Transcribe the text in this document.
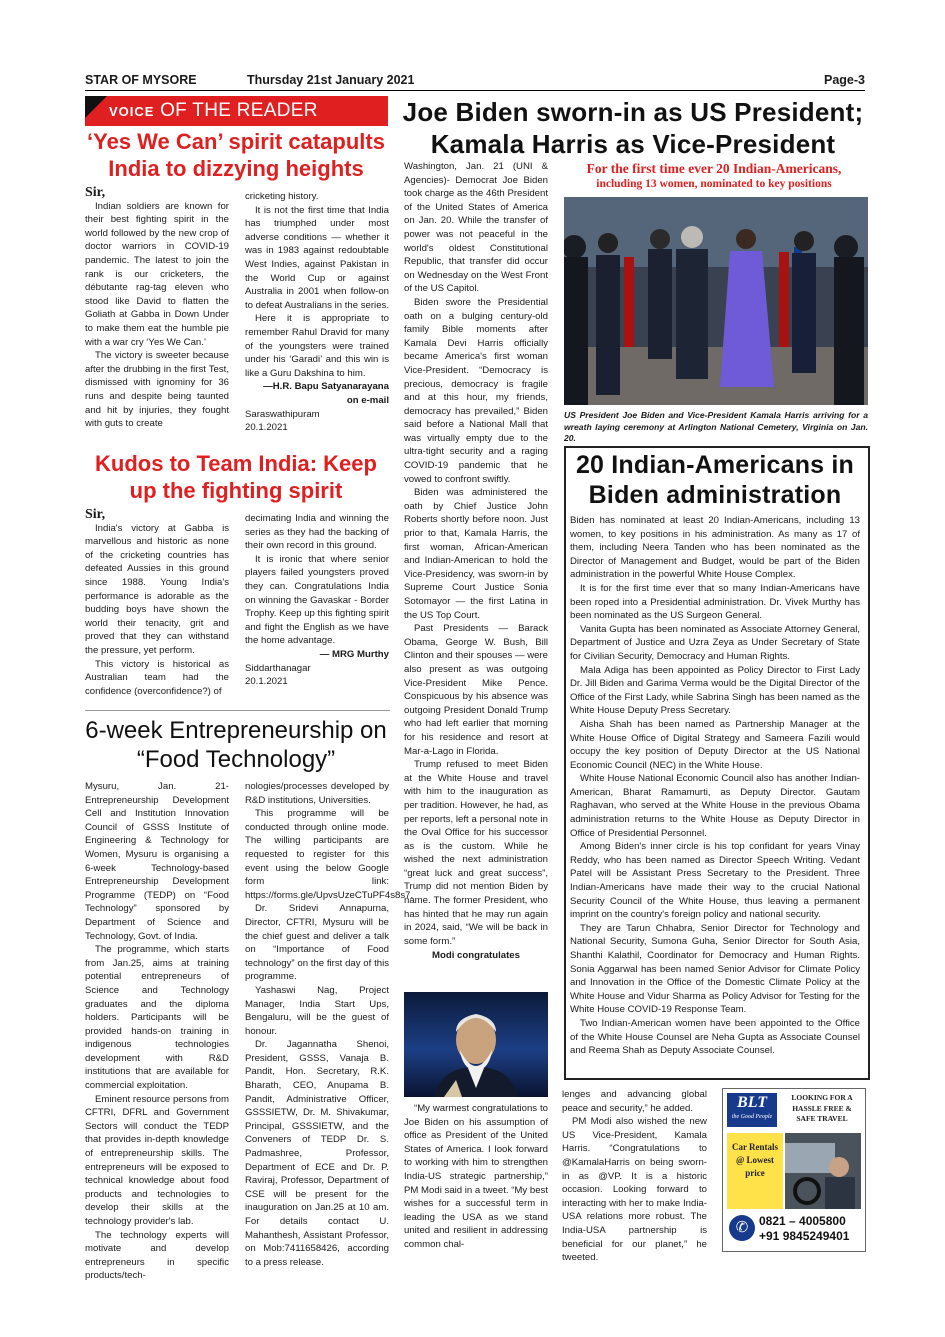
STAR OF MYSORE	Thursday 21st January 2021	Page-3
VOICE OF THE READER
‘Yes We Can’ spirit catapults India to dizzying heights
Sir,

Indian soldiers are known for their best fighting spirit in the world followed by the new crop of doctor warriors in COVID-19 pandemic. The latest to join the rank is our cricketers, the débutante rag-tag eleven who stood like David to flatten the Goliath at Gabba in Down Under to make them eat the humble pie with a war cry ‘Yes We Can.’

The victory is sweeter because after the drubbing in the first Test, dismissed with ignominy for 36 runs and despite being taunted and hit by injuries, they fought with guts to create

cricketing history.

It is not the first time that India has triumphed under most adverse conditions — whether it was in 1983 against redoubtable West Indies, against Pakistan in the World Cup or against Australia in 2001 when follow-on to defeat Australians in the series.

Here it is appropriate to remember Rahul Dravid for many of the youngsters were trained under his ‘Garadi’ and this win is like a Guru Dakshina to him.

—H.R. Bapu Satyanarayana
on e-mail
Saraswathipuram
20.1.2021
Kudos to Team India: Keep up the fighting spirit
Sir,

India's victory at Gabba is marvellous and historic as none of the cricketing countries has defeated Aussies in this ground since 1988. Young India's performance is adorable as the budding boys have shown the world their tenacity, grit and proved that they can withstand the pressure, yet perform.

This victory is historical as Australian team had the confidence (overconfidence?) of

decimating India and winning the series as they had the backing of their own record in this ground.

It is ironic that where senior players failed youngsters proved they can. Congratulations India on winning the Gavaskar - Border Trophy. Keep up this fighting spirit and fight the English as we have the home advantage.

— MRG Murthy
Siddarthanagar
20.1.2021
6-week Entrepreneurship on “Food Technology”

Mysuru, Jan. 21- Entrepreneurship Development Cell and Institution Innovation Council of GSSS Institute of Engineering & Technology for Women, Mysuru is organising a 6-week Technology-based Entrepreneurship Development Programme (TEDP) on “Food Technology” sponsored by Department of Science and Technology, Govt. of India.

The programme, which starts from Jan.25, aims at training potential entrepreneurs of Science and Technology graduates and the diploma holders. Participants will be provided hands-on training in indigenous technologies development with R&D institutions that are available for commercial exploitation.

Eminent resource persons from CFTRI, DFRL and Government Sectors will conduct the TEDP that provides in-depth knowledge of entrepreneurship skills. The entrepreneurs will be exposed to technical knowledge about food products and technologies to develop their skills at the technology provider's lab.

The technology experts will motivate and develop entrepreneurs in specific products/tech-

nologies/processes developed by R&D institutions, Universities.

This programme will be conducted through online mode. The willing participants are requested to register for this event using the below Google form link: https://forms.gle/UpvsUzeCTuPF4s8s7.

Dr. Sridevi Annapurna, Director, CFTRI, Mysuru will be the chief guest and deliver a talk on “Importance of Food technology” on the first day of this programme.

Yashaswi Nag, Project Manager, India Start Ups, Bengaluru, will be the guest of honour.

Dr. Jagannatha Shenoi, President, GSSS, Vanaja B. Pandit, Hon. Secretary, R.K. Bharath, CEO, Anupama B. Pandit, Administrative Officer, GSSSIETW, Dr. M. Shivakumar, Principal, GSSSIETW, and the Conveners of TEDP Dr. S. Padmashree, Professor, Department of ECE and Dr. P. Raviraj, Professor, Department of CSE will be present for the inauguration on Jan.25 at 10 am. For details contact U. Mahanthesh, Assistant Professor, on Mob:7411658426, according to a press release.

Joe Biden sworn-in as US President;
Kamala Harris as Vice-President

Washington, Jan. 21 (UNI & Agencies)- Democrat Joe Biden took charge as the 46th President of the United States of America on Jan. 20. While the transfer of power was not peaceful in the world's oldest Constitutional Republic, that transfer did occur on Wednesday on the West Front of the US Capitol.

Biden swore the Presidential oath on a bulging century-old family Bible moments after Kamala Devi Harris officially became America's first woman Vice-President. “Democracy is precious, democracy is fragile and at this hour, my friends, democracy has prevailed,” Biden said before a National Mall that was virtually empty due to the ultra-tight security and a raging COVID-19 pandemic that he vowed to confront swiftly.

Biden was administered the oath by Chief Justice John Roberts shortly before noon. Just prior to that, Kamala Harris, the first woman, African-American and Indian-American to hold the Vice-Presidency, was sworn-in by Supreme Court Justice Sonia Sotomayor — the first Latina in the US Top Court.

Past Presidents — Barack Obama, George W. Bush, Bill Clinton and their spouses — were also present as was outgoing Vice-President Mike Pence. Conspicuous by his absence was outgoing President Donald Trump who had left earlier that morning for his residence and resort at Mar-a-Lago in Florida.

Trump refused to meet Biden at the White House and travel with him to the inauguration as per tradition. However, he had, as per reports, left a personal note in the Oval Office for his successor as is the custom. While he wished the next administration “great luck and great success”, Trump did not mention Biden by name. The former President, who has hinted that he may run again in 2024, said, “We will be back in some form.”

Modi congratulates

“My warmest congratulations to Joe Biden on his assumption of office as President of the United States of America. I look forward to working with him to strengthen India-US strategic partnership,” PM Modi said in a tweet. “My best wishes for a successful term in leading the USA as we stand united and resilient in addressing common chal-

For the first time ever 20 Indian-Americans,
including 13 women, nominated to key positions
US President Joe Biden and Vice-President Kamala Harris arriving for a wreath laying ceremony at Arlington National Cemetery, Virginia on Jan. 20.
20 Indian-Americans in Biden administration

Biden has nominated at least 20 Indian-Americans, including 13 women, to key positions in his administration. As many as 17 of them, including Neera Tanden who has been nominated as the Director of Management and Budget, would be part of the Biden administration in the powerful White House Complex.

It is for the first time ever that so many Indian-Americans have been roped into a Presidential administration. Dr. Vivek Murthy has been nominated as the US Surgeon General.

Vanita Gupta has been nominated as Associate Attorney General, Department of Justice and Uzra Zeya as Under Secretary of State for Civilian Security, Democracy and Human Rights.

Mala Adiga has been appointed as Policy Director to First Lady Dr. Jill Biden and Garima Verma would be the Digital Director of the Office of the First Lady, while Sabrina Singh has been named as the White House Deputy Press Secretary.

Aisha Shah has been named as Partnership Manager at the White House Office of Digital Strategy and Sameera Fazili would occupy the key position of Deputy Director at the US National Economic Council (NEC) in the White House.

White House National Economic Council also has another Indian-American, Bharat Ramamurti, as Deputy Director. Gautam Raghavan, who served at the White House in the previous Obama administration returns to the White House as Deputy Director in Office of Presidential Personnel.

Among Biden's inner circle is his top confidant for years Vinay Reddy, who has been named as Director Speech Writing. Vedant Patel will be Assistant Press Secretary to the President. Three Indian-Americans have made their way to the crucial National Security Council of the White House, thus leaving a permanent imprint on the country's foreign policy and national security.

They are Tarun Chhabra, Senior Director for Technology and National Security, Sumona Guha, Senior Director for South Asia, Shanthi Kalathil, Coordinator for Democracy and Human Rights. Sonia Aggarwal has been named Senior Advisor for Climate Policy and Innovation in the Office of the Domestic Climate Policy at the White House and Vidur Sharma as Policy Advisor for Testing for the White House COVID-19 Response Team.

Two Indian-American women have been appointed to the Office of the White House Counsel are Neha Gupta as Associate Counsel and Reema Shah as Deputy Associate Counsel.

lenges and advancing global peace and security,” he added.

PM Modi also wished the new US Vice-President, Kamala Harris. “Congratulations to @KamalaHarris on being sworn-in as @VP. It is a historic occasion. Looking forward to interacting with her to make India-USA relations more robust. The India-USA partnership is beneficial for our planet,” he tweeted.

BLT
the Good People
LOOKING FOR A HASSLE FREE & SAFE TRAVEL
Car Rentals @ Lowest price
✆ 0821 – 4005800
+91 9845249401
